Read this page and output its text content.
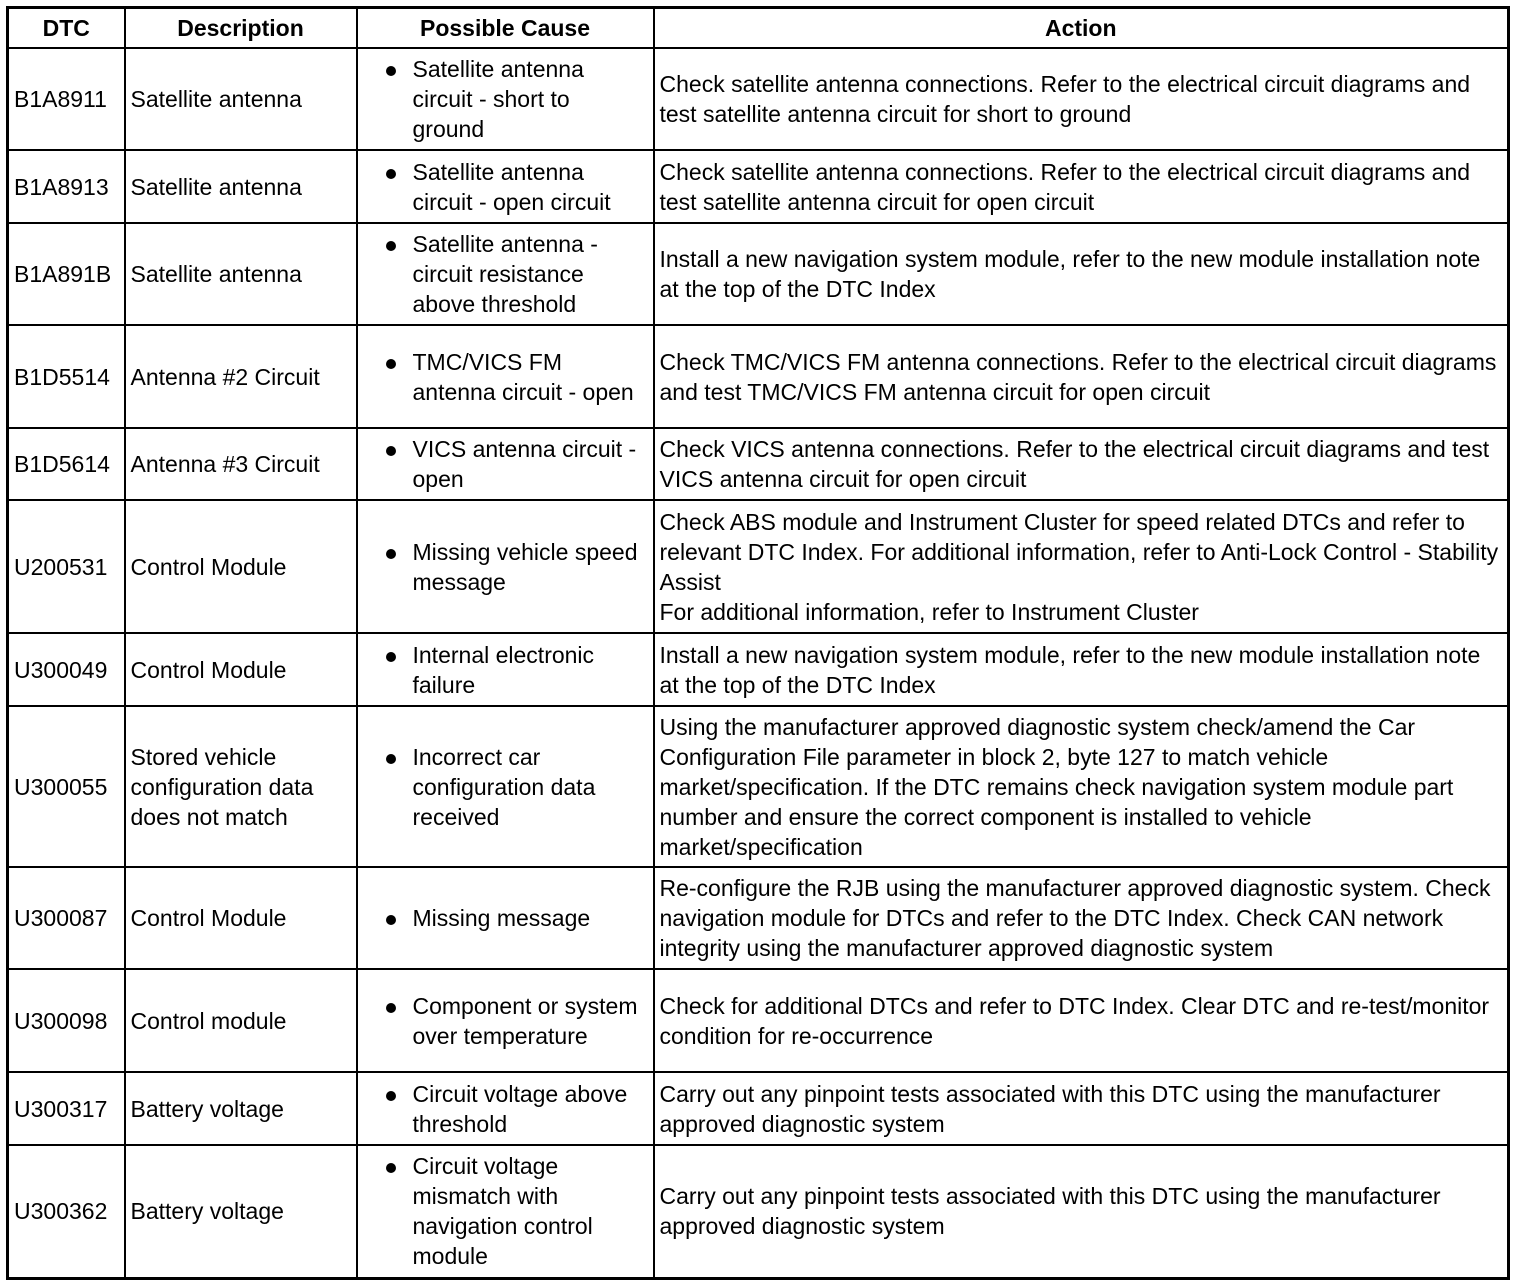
DTC	Description	Possible Cause	Action
B1A8911	Satellite antenna	Satellite antenna circuit - short to ground	Check satellite antenna connections. Refer to the electrical circuit diagrams and test satellite antenna circuit for short to ground

B1A8913	Satellite antenna	Satellite antenna circuit - open circuit	Check satellite antenna connections. Refer to the electrical circuit diagrams and test satellite antenna circuit for open circuit

B1A891B	Satellite antenna	Satellite antenna - circuit resistance above threshold	Install a new navigation system module, refer to the new module installation note at the top of the DTC Index

B1D5514	Antenna #2 Circuit	TMC/VICS FM antenna circuit - open	Check TMC/VICS FM antenna connections. Refer to the electrical circuit diagrams and test TMC/VICS FM antenna circuit for open circuit

B1D5614	Antenna #3 Circuit	VICS antenna circuit - open	Check VICS antenna connections. Refer to the electrical circuit diagrams and test VICS antenna circuit for open circuit

U200531	Control Module	Missing vehicle speed message	Check ABS module and Instrument Cluster for speed related DTCs and refer to relevant DTC Index. For additional information, refer to Anti-Lock Control - Stability Assist
For additional information, refer to Instrument Cluster

U300049	Control Module	Internal electronic failure	Install a new navigation system module, refer to the new module installation note at the top of the DTC Index

U300055	Stored vehicle configuration data does not match	Incorrect car configuration data received	Using the manufacturer approved diagnostic system check/amend the Car Configuration File parameter in block 2, byte 127 to match vehicle market/specification. If the DTC remains check navigation system module part number and ensure the correct component is installed to vehicle market/specification

U300087	Control Module	Missing message	Re-configure the RJB using the manufacturer approved diagnostic system. Check navigation module for DTCs and refer to the DTC Index. Check CAN network integrity using the manufacturer approved diagnostic system

U300098	Control module	Component or system over temperature	Check for additional DTCs and refer to DTC Index. Clear DTC and re-test/monitor condition for re-occurrence

U300317	Battery voltage	Circuit voltage above threshold	Carry out any pinpoint tests associated with this DTC using the manufacturer approved diagnostic system

U300362	Battery voltage	Circuit voltage mismatch with navigation control module	Carry out any pinpoint tests associated with this DTC using the manufacturer approved diagnostic system
